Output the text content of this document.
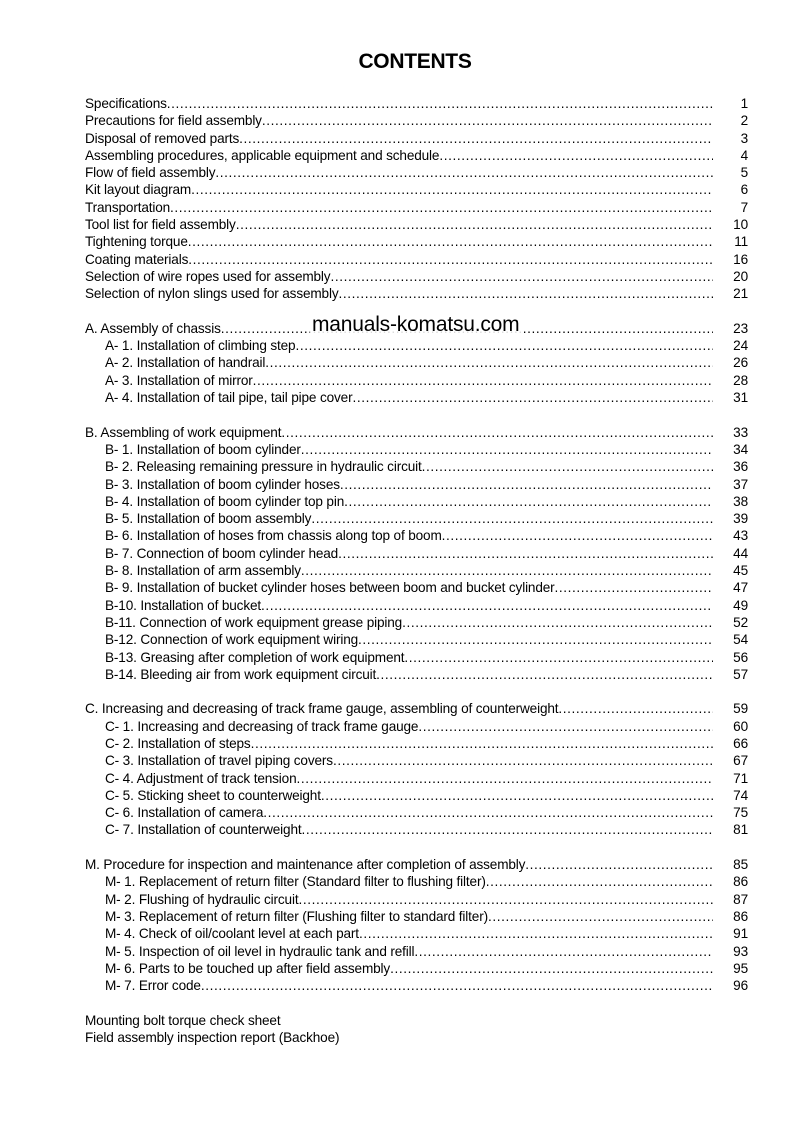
CONTENTS
Specifications .....	1
Precautions for field assembly .....	2
Disposal of removed parts .....	3
Assembling procedures, applicable equipment and schedule .....	4
Flow of field assembly .....	5
Kit layout diagram .....	6
Transportation .....	7
Tool list for field assembly .....	10
Tightening torque .....	11
Coating materials .....	16
Selection of wire ropes used for assembly .....	20
Selection of nylon slings used for assembly .....	21
A. Assembly of chassis .....	23
A- 1. Installation of climbing step .....	24
A- 2. Installation of handrail .....	26
A- 3. Installation of mirror .....	28
A- 4. Installation of tail pipe, tail pipe cover .....	31
B. Assembling of work equipment .....	33
B- 1. Installation of boom cylinder .....	34
B- 2. Releasing remaining pressure in hydraulic circuit .....	36
B- 3. Installation of boom cylinder hoses .....	37
B- 4. Installation of boom cylinder top pin .....	38
B- 5. Installation of boom assembly .....	39
B- 6. Installation of hoses from chassis along top of boom .....	43
B- 7. Connection of boom cylinder head .....	44
B- 8. Installation of arm assembly .....	45
B- 9. Installation of bucket cylinder hoses between boom and bucket cylinder .....	47
B-10. Installation of bucket .....	49
B-11. Connection of work equipment grease piping .....	52
B-12. Connection of work equipment wiring .....	54
B-13. Greasing after completion of work equipment .....	56
B-14. Bleeding air from work equipment circuit .....	57
C. Increasing and decreasing of track frame gauge, assembling of counterweight .....	59
C- 1. Increasing and decreasing of track frame gauge .....	60
C- 2. Installation of steps .....	66
C- 3. Installation of travel piping covers .....	67
C- 4. Adjustment of track tension .....	71
C- 5. Sticking sheet to counterweight .....	74
C- 6. Installation of camera .....	75
C- 7. Installation of counterweight .....	81
M. Procedure for inspection and maintenance after completion of assembly .....	85
M- 1. Replacement of return filter (Standard filter to flushing filter) .....	86
M- 2. Flushing of hydraulic circuit .....	87
M- 3. Replacement of return filter (Flushing filter to standard filter) .....	86
M- 4. Check of oil/coolant level at each part .....	91
M- 5. Inspection of oil level in hydraulic tank and refill .....	93
M- 6. Parts to be touched up after field assembly .....	95
M- 7. Error code .....	96
Mounting bolt torque check sheet
Field assembly inspection report (Backhoe)
manuals-komatsu.com
